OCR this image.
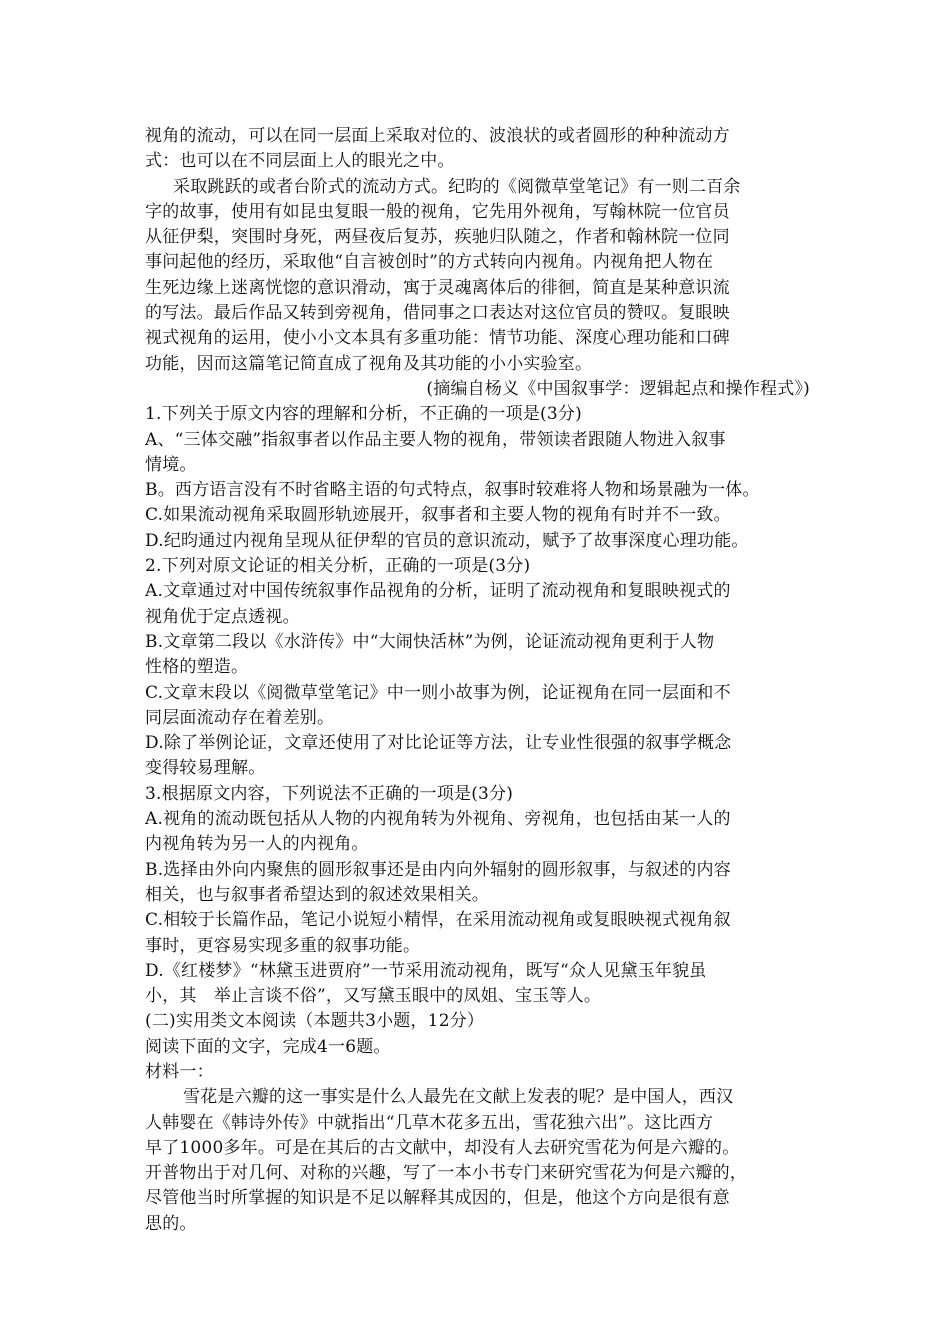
视角的流动，可以在同一层面上采取对位的、波浪状的或者圆形的种种流动方
式：也可以在不同层面上人的眼光之中。
采取跳跃的或者台阶式的流动方式。纪昀的《阅微草堂笔记》有一则二百余
字的故事，使用有如昆虫复眼一般的视角，它先用外视角，写翰林院一位官员
从征伊梨，突围时身死，两昼夜后复苏，疾驰归队随之，作者和翰林院一位同
事问起他的经历，采取他“自言被创时”的方式转向内视角。内视角把人物在
生死边缘上迷离恍惚的意识滑动，寓于灵魂离体后的徘徊，简直是某种意识流
的写法。最后作品又转到旁视角，借同事之口表达对这位官员的赞叹。复眼映
视式视角的运用，使小小文本具有多重功能：情节功能、深度心理功能和口碑
功能，因而这篇笔记简直成了视角及其功能的小小实验室。
(摘编自杨义《中国叙事学：逻辑起点和操作程式》)
1.下列关于原文内容的理解和分析，不正确的一项是(3分)
A、“三体交融”指叙事者以作品主要人物的视角，带领读者跟随人物进入叙事
情境。
B。西方语言没有不时省略主语的句式特点，叙事时较难将人物和场景融为一体。
C.如果流动视角采取圆形轨迹展开，叙事者和主要人物的视角有时并不一致。
D.纪昀通过内视角呈现从征伊犁的官员的意识流动，赋予了故事深度心理功能。
2.下列对原文论证的相关分析，正确的一项是(3分)
A.文章通过对中国传统叙事作品视角的分析，证明了流动视角和复眼映视式的
视角优于定点透视。
B.文章第二段以《水浒传》中“大闹快活林”为例，论证流动视角更利于人物
性格的塑造。
C.文章末段以《阅微草堂笔记》中一则小故事为例，论证视角在同一层面和不
同层面流动存在着差别。
D.除了举例论证，文章还使用了对比论证等方法，让专业性很强的叙事学概念
变得较易理解。
3.根据原文内容，下列说法不正确的一项是(3分)
A.视角的流动既包括从人物的内视角转为外视角、旁视角，也包括由某一人的
内视角转为另一人的内视角。
B.选择由外向内聚焦的圆形叙事还是由内向外辐射的圆形叙事，与叙述的内容
相关，也与叙事者希望达到的叙述效果相关。
C.相较于长篇作品，笔记小说短小精悍，在采用流动视角或复眼映视式视角叙
事时，更容易实现多重的叙事功能。
D.《红楼梦》“林黛玉进贾府”一节采用流动视角，既写“众人见黛玉年貌虽
小，其　举止言谈不俗”，又写黛玉眼中的凤姐、宝玉等人。
(二)实用类文本阅读（本题共3小题，12分）
阅读下面的文字，完成4一6题。
材料一：
雪花是六瓣的这一事实是什么人最先在文献上发表的呢？是中国人，西汉
人韩婴在《韩诗外传》中就指出“几草木花多五出，雪花独六出”。这比西方
早了1000多年。可是在其后的古文献中，却没有人去研究雪花为何是六瓣的。
开普物出于对几何、对称的兴趣，写了一本小书专门来研究雪花为何是六瓣的，
尽管他当时所掌握的知识是不足以解释其成因的，但是，他这个方向是很有意
思的。
